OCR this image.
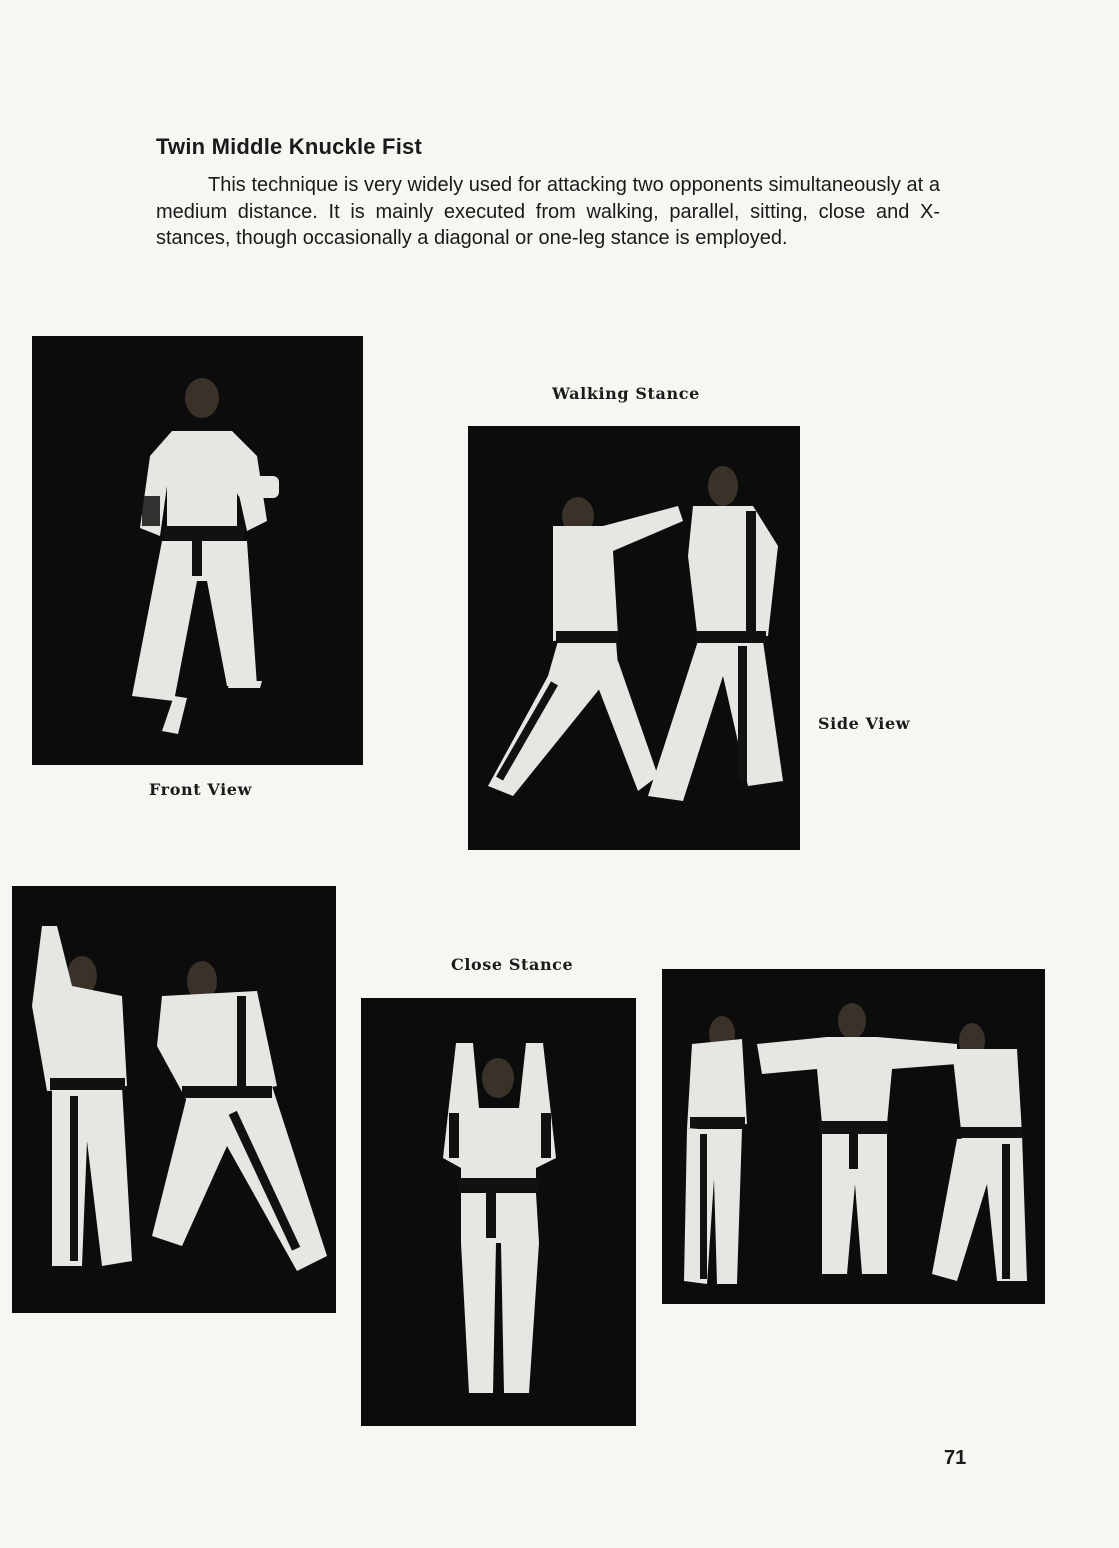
Twin Middle Knuckle Fist
This technique is very widely used for attacking two opponents simultaneously at a medium distance. It is mainly executed from walking, parallel, sitting, close and X-stances, though occasionally a diagonal or one-leg stance is employed.
Front View
Walking Stance
Side View
Close Stance
71
